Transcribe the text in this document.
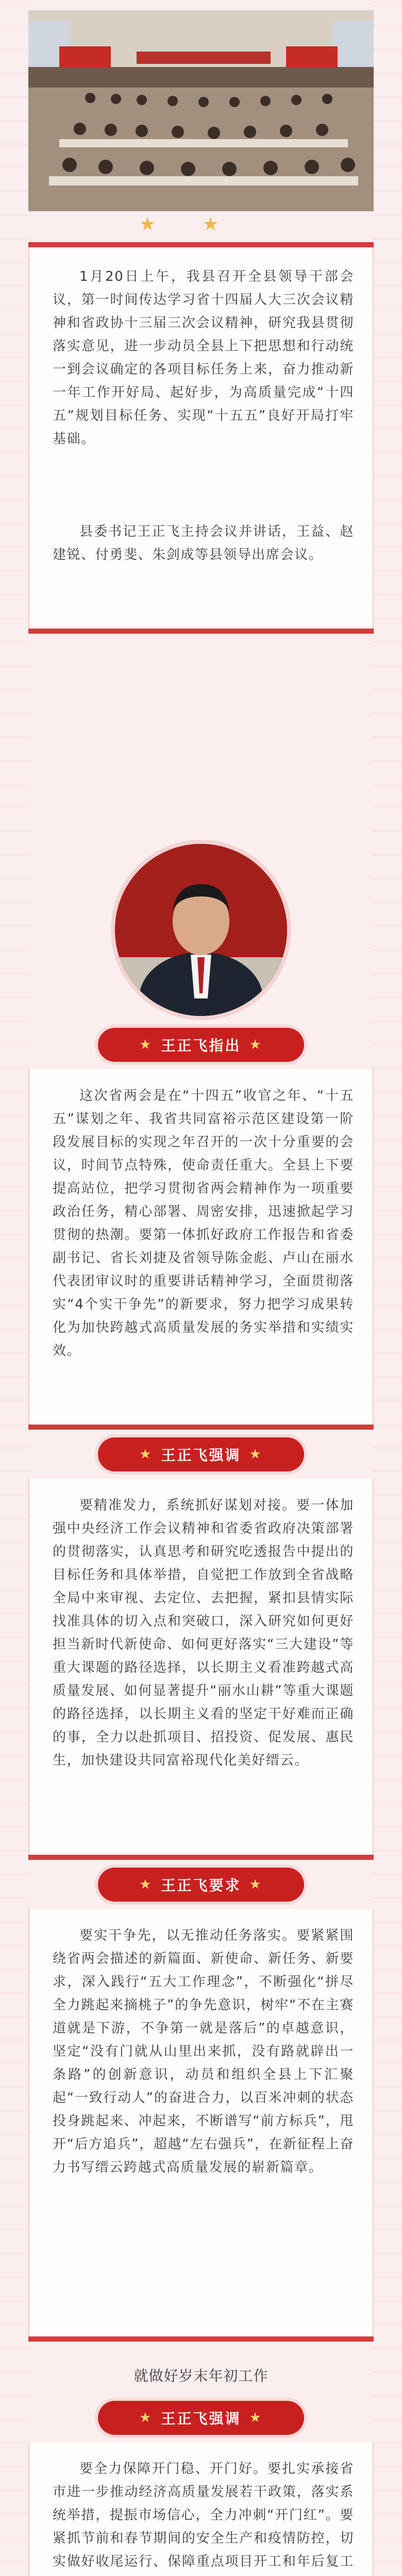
★★
1月20日上午，我县召开全县领导干部会议，第一时间传达学习省十四届人大三次会议精神和省政协十三届三次会议精神，研究我县贯彻落实意见，进一步动员全县上下把思想和行动统一到会议确定的各项目标任务上来，奋力推动新一年工作开好局、起好步，为高质量完成“十四五”规划目标任务、实现“十五五”良好开局打牢基础。
县委书记王正飞主持会议并讲话，王益、赵建锐、付勇斐、朱剑成等县领导出席会议。
★ 王正飞指出 ★
这次省两会是在“十四五”收官之年、“十五五”谋划之年、我省共同富裕示范区建设第一阶段发展目标的实现之年召开的一次十分重要的会议，时间节点特殊，使命责任重大。全县上下要提高站位，把学习贯彻省两会精神作为一项重要政治任务，精心部署、周密安排，迅速掀起学习贯彻的热潮。要第一体抓好政府工作报告和省委副书记、省长刘捷及省领导陈金彪、卢山在丽水代表团审议时的重要讲话精神学习，全面贯彻落实“4个实干争先”的新要求，努力把学习成果转化为加快跨越式高质量发展的务实举措和实绩实效。
★ 王正飞强调 ★
要精准发力，系统抓好谋划对接。要一体加强中央经济工作会议精神和省委省政府决策部署的贯彻落实，认真思考和研究吃透报告中提出的目标任务和具体举措，自觉把工作放到全省战略全局中来审视、去定位、去把握，紧扣县情实际找准具体的切入点和突破口，深入研究如何更好担当新时代新使命、如何更好落实“三大建设”等重大课题的路径选择，以长期主义看准跨越式高质量发展、如何显著提升“丽水山耕”等重大课题的路径选择，以长期主义看的坚定干好难而正确的事，全力以赴抓项目、招投资、促发展、惠民生，加快建设共同富裕现代化美好缙云。
★ 王正飞要求 ★
要实干争先，以无推动任务落实。要紧紧围绕省两会描述的新篇面、新使命、新任务、新要求，深入践行“五大工作理念”，不断强化“拼尽全力跳起来摘桃子”的争先意识，树牢“不在主赛道就是下游，不争第一就是落后”的卓越意识，坚定“没有门就从山里出来抓，没有路就辟出一条路”的创新意识，动员和组织全县上下汇聚起“一致行动人”的奋进合力，以百米冲刺的状态投身跳起来、冲起来，不断谱写“前方标兵”，甩开“后方追兵”，超越“左右强兵”，在新征程上奋力书写缙云跨越式高质量发展的崭新篇章。
就做好岁末年初工作
★ 王正飞强调 ★
要全力保障开门稳、开门好。要扎实承接省市进一步推动经济高质量发展若干政策，落实系统举措，提振市场信心，全力冲刺“开门红”。要紧抓节前和春节期间的安全生产和疫情防控，切实做好收尾运行、保障重点项目开工和年后复工
